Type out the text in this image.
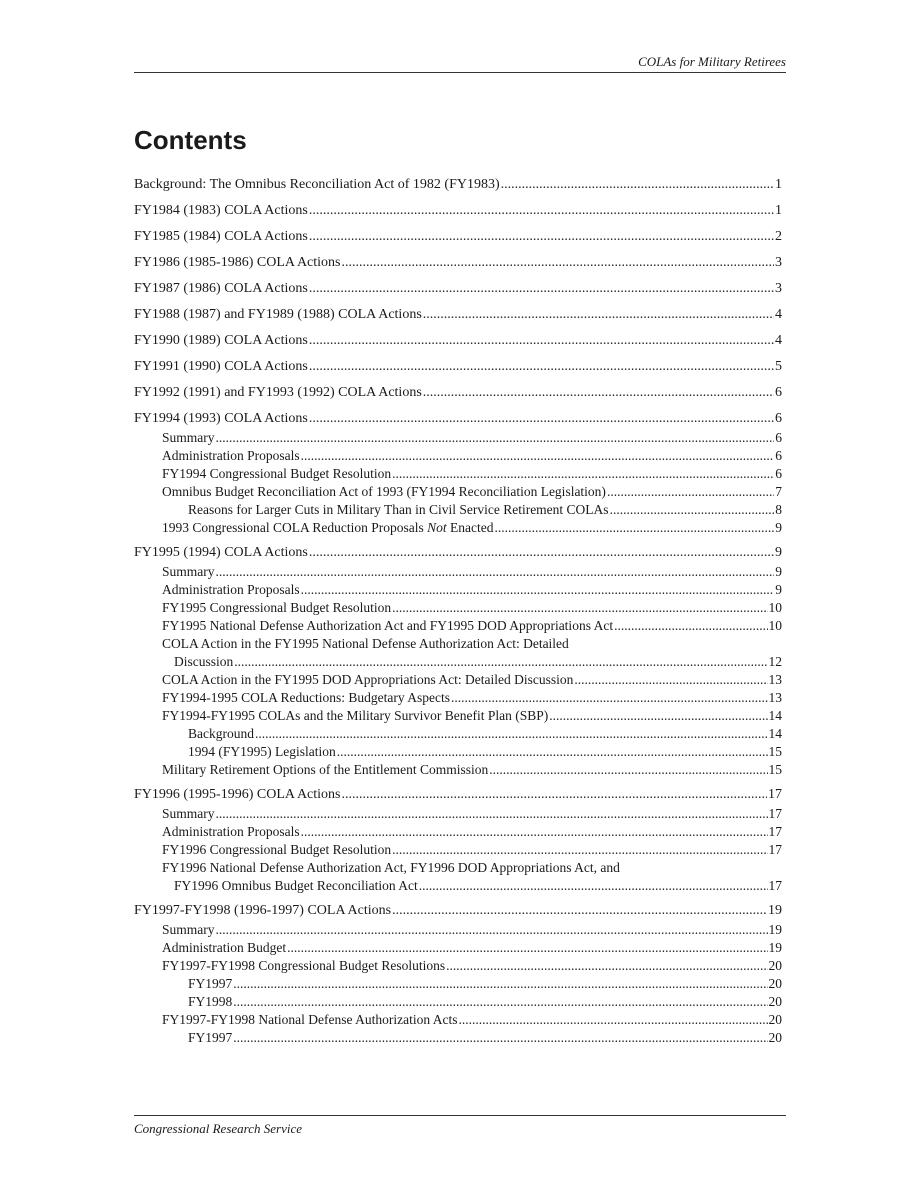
COLAs for Military Retirees
Contents
Background: The Omnibus Reconciliation Act of 1982 (FY1983) .....	1
FY1984 (1983) COLA Actions .....	1
FY1985 (1984) COLA Actions .....	2
FY1986 (1985-1986) COLA Actions .....	3
FY1987 (1986) COLA Actions .....	3
FY1988 (1987) and FY1989 (1988) COLA Actions .....	4
FY1990 (1989) COLA Actions .....	4
FY1991 (1990) COLA Actions .....	5
FY1992 (1991) and FY1993 (1992) COLA Actions .....	6
FY1994 (1993) COLA Actions .....	6
Summary .....	6
Administration Proposals .....	6
FY1994 Congressional Budget Resolution .....	6
Omnibus Budget Reconciliation Act of 1993 (FY1994 Reconciliation Legislation) .....	7
Reasons for Larger Cuts in Military Than in Civil Service Retirement COLAs .....	8
1993 Congressional COLA Reduction Proposals Not Enacted .....	9
FY1995 (1994) COLA Actions .....	9
Summary .....	9
Administration Proposals .....	9
FY1995 Congressional Budget Resolution .....	10
FY1995 National Defense Authorization Act and FY1995 DOD Appropriations Act .....	10
COLA Action in the FY1995 National Defense Authorization Act: Detailed
Discussion .....	12
COLA Action in the FY1995 DOD Appropriations Act: Detailed Discussion .....	13
FY1994-1995 COLA Reductions: Budgetary Aspects .....	13
FY1994-FY1995 COLAs and the Military Survivor Benefit Plan (SBP) .....	14
Background .....	14
1994 (FY1995) Legislation .....	15
Military Retirement Options of the Entitlement Commission .....	15
FY1996 (1995-1996) COLA Actions .....	17
Summary .....	17
Administration Proposals .....	17
FY1996 Congressional Budget Resolution .....	17
FY1996 National Defense Authorization Act, FY1996 DOD Appropriations Act, and
FY1996 Omnibus Budget Reconciliation Act .....	17
FY1997-FY1998 (1996-1997) COLA Actions .....	19
Summary .....	19
Administration Budget .....	19
FY1997-FY1998 Congressional Budget Resolutions .....	20
FY1997 .....	20
FY1998 .....	20
FY1997-FY1998 National Defense Authorization Acts .....	20
FY1997 .....	20
Congressional Research Service
